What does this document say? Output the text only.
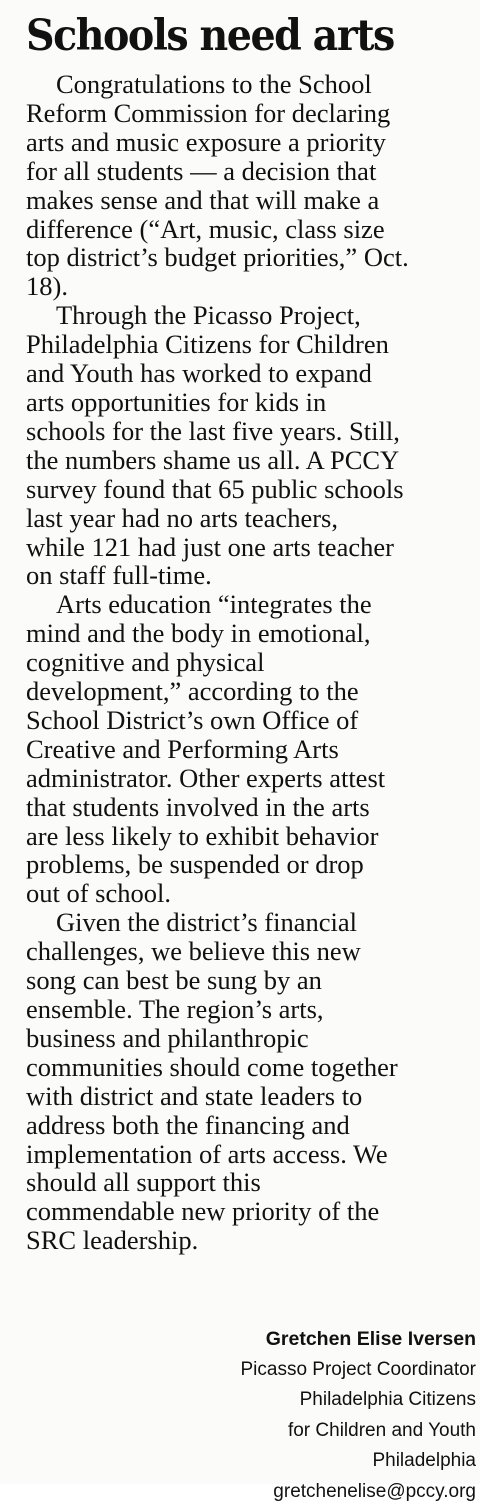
Schools need arts

Congratulations to the School
Reform Commission for declaring
arts and music exposure a priority
for all students — a decision that
makes sense and that will make a
difference (“Art, music, class size
top district’s budget priorities,” Oct.
18).

Through the Picasso Project,
Philadelphia Citizens for Children
and Youth has worked to expand
arts opportunities for kids in
schools for the last five years. Still,
the numbers shame us all. A PCCY
survey found that 65 public schools
last year had no arts teachers,
while 121 had just one arts teacher
on staff full-time.

Arts education “integrates the
mind and the body in emotional,
cognitive and physical
development,” according to the
School District’s own Office of
Creative and Performing Arts
administrator. Other experts attest
that students involved in the arts
are less likely to exhibit behavior
problems, be suspended or drop
out of school.

Given the district’s financial
challenges, we believe this new
song can best be sung by an
ensemble. The region’s arts,
business and philanthropic
communities should come together
with district and state leaders to
address both the financing and
implementation of arts access. We
should all support this
commendable new priority of the
SRC leadership.

Gretchen Elise Iversen
Picasso Project Coordinator
Philadelphia Citizens
for Children and Youth
Philadelphia
gretchenelise@pccy.org
